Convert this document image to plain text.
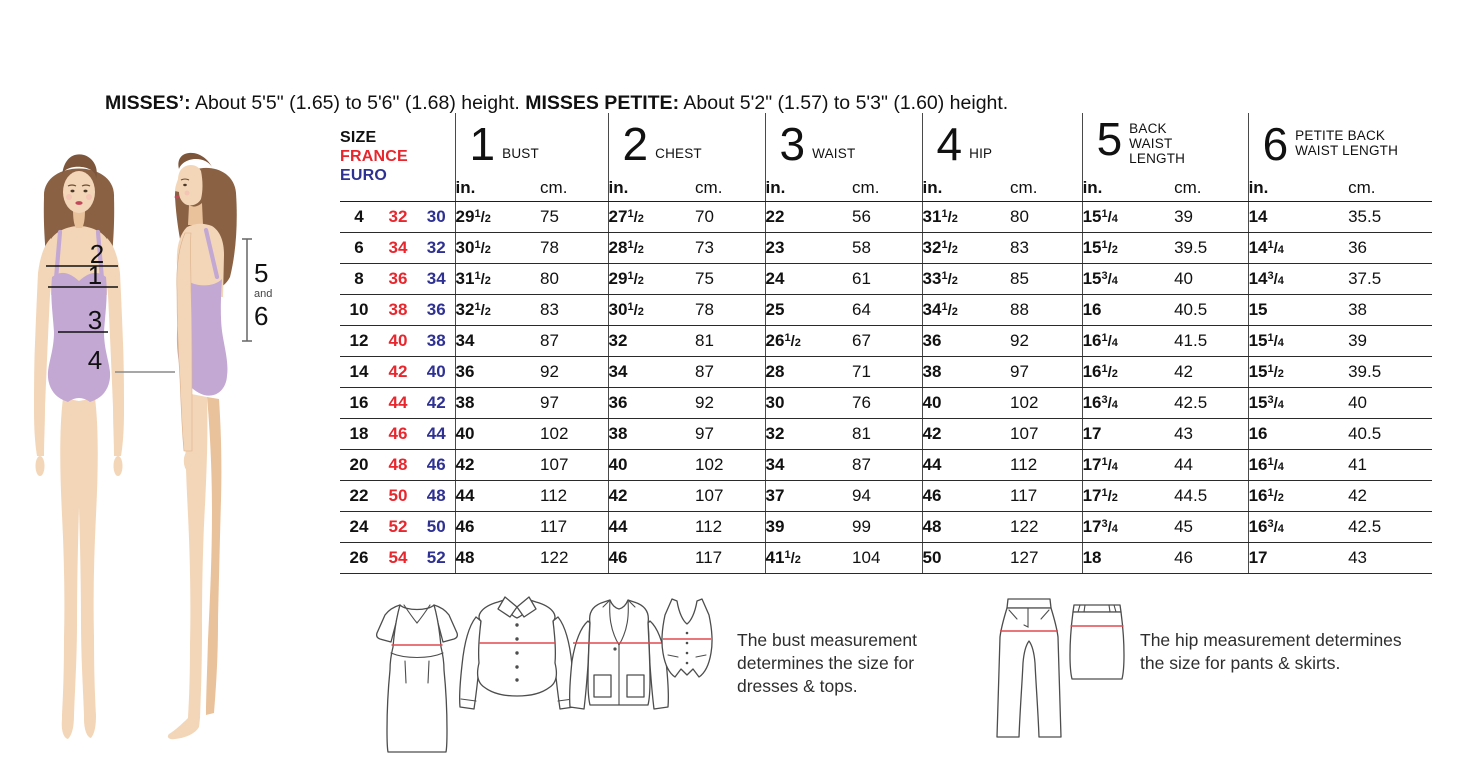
MISSES’: About 5'5" (1.65) to 5'6" (1.68) height. MISSES PETITE: About 5'2" (1.57) to 5'3" (1.60) height.

2
1
3
4
5
and
6
SIZE
FRANCE
EURO

1 BUST	2 CHEST	3 WAIST	4 HIP	5 BACK WAIST LENGTH	6 PETITE BACK WAIST LENGTH

			in.	cm.	in.	cm.	in.	cm.	in.	cm.	in.	cm.	in.	cm.
4	32	30	$29^1/2$	75	$27^1/2$	70	22	56	$31^1/2$	80	$15^1/4$	39	14	35.5
6	34	32	$30^1/2$	78	$28^1/2$	73	23	58	$32^1/2$	83	$15^1/2$	39.5	$14^1/4$	36
8	36	34	$31^1/2$	80	$29^1/2$	75	24	61	$33^1/2$	85	$15^3/4$	40	$14^3/4$	37.5
10	38	36	$32^1/2$	83	$30^1/2$	78	25	64	$34^1/2$	88	16	40.5	15	38
12	40	38	34	87	32	81	$26^1/2$	67	36	92	$16^1/4$	41.5	$15^1/4$	39
14	42	40	36	92	34	87	28	71	38	97	$16^1/2$	42	$15^1/2$	39.5
16	44	42	38	97	36	92	30	76	40	102	$16^3/4$	42.5	$15^3/4$	40
18	46	44	40	102	38	97	32	81	42	107	17	43	16	40.5
20	48	46	42	107	40	102	34	87	44	112	$17^1/4$	44	$16^1/4$	41
22	50	48	44	112	42	107	37	94	46	117	$17^1/2$	44.5	$16^1/2$	42
24	52	50	46	117	44	112	39	99	48	122	$17^3/4$	45	$16^3/4$	42.5
26	54	52	48	122	46	117	$41^1/2$	104	50	127	18	46	17	43
The bust measurement determines the size for dresses & tops.
The hip measurement determines the size for pants & skirts.
